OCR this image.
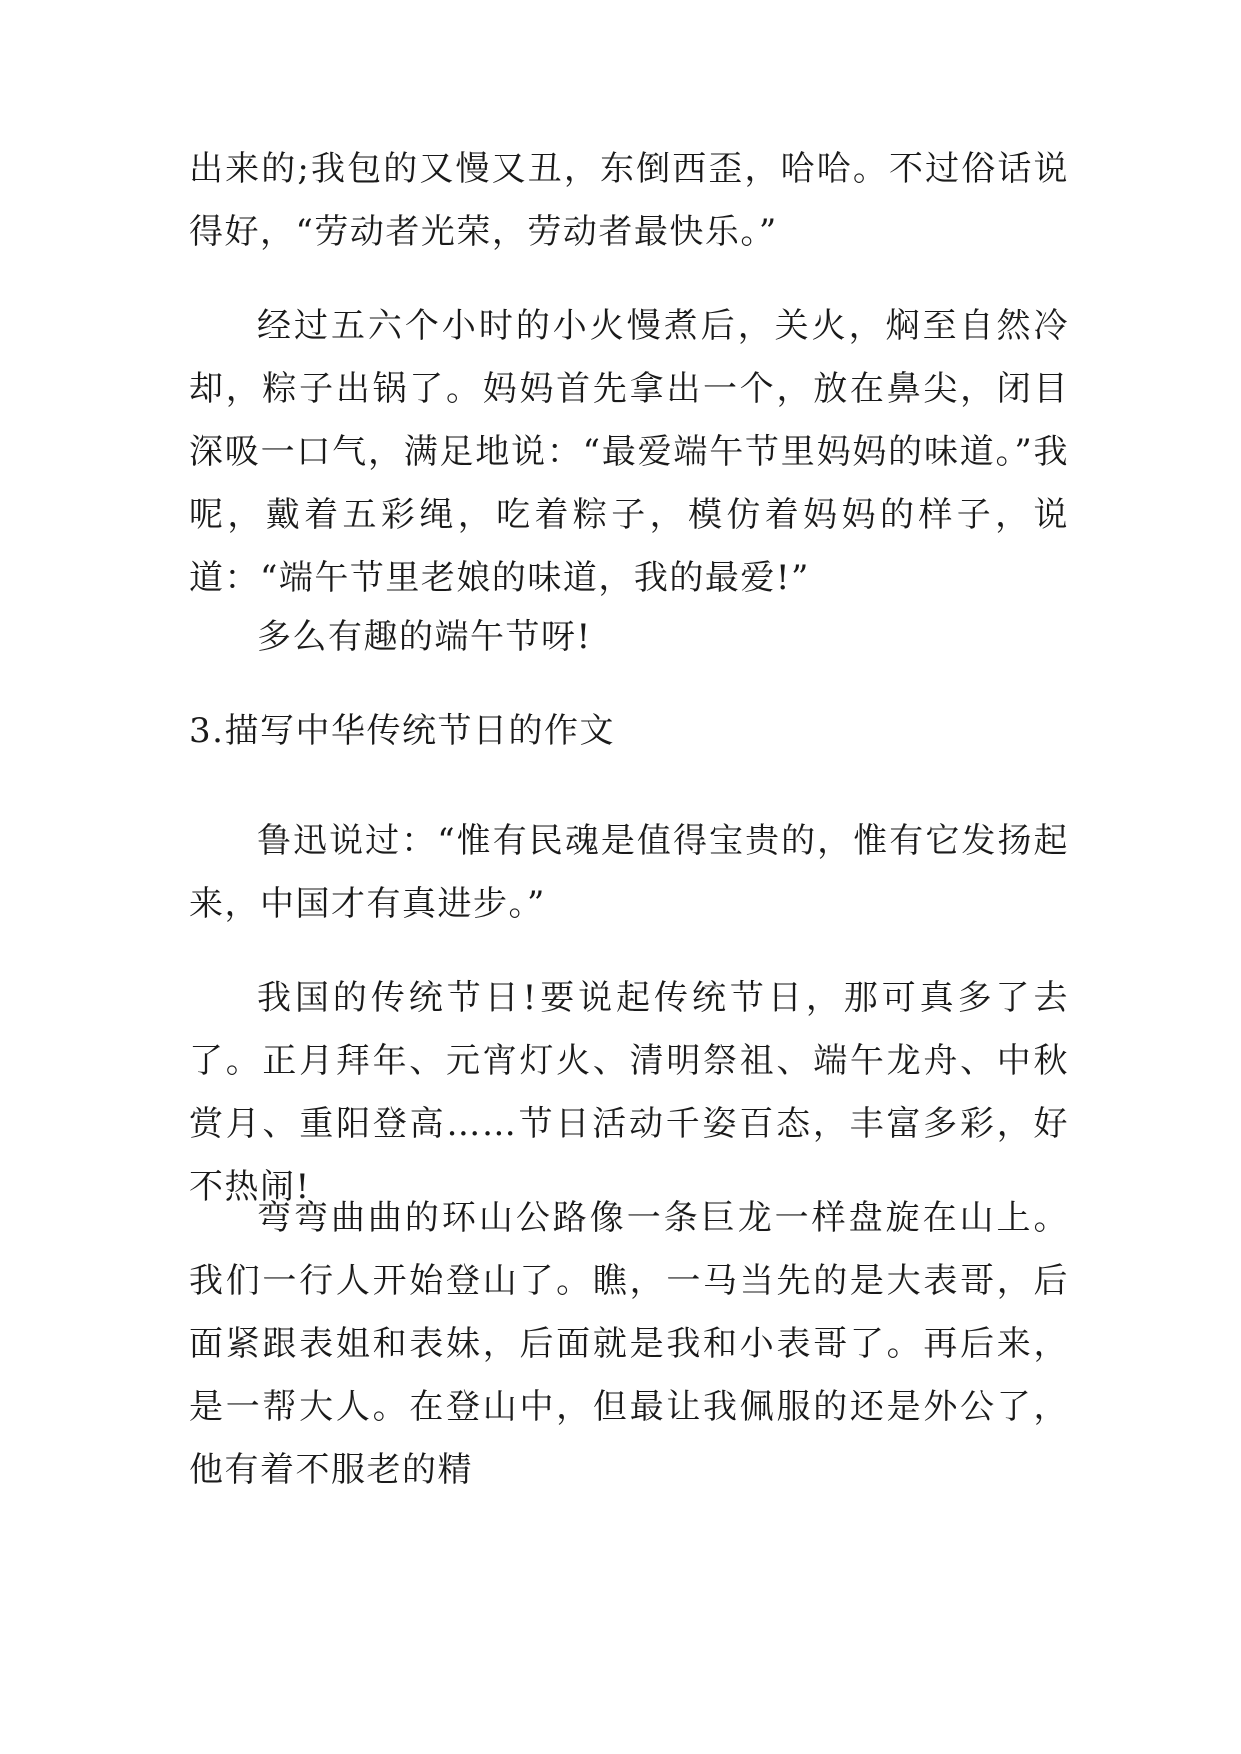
出来的;我包的又慢又丑，东倒西歪，哈哈。不过俗话说得好，“劳动者光荣，劳动者最快乐。”

经过五六个小时的小火慢煮后，关火，焖至自然冷却，粽子出锅了。妈妈首先拿出一个，放在鼻尖，闭目深吸一口气，满足地说：“最爱端午节里妈妈的味道。”我呢，戴着五彩绳，吃着粽子，模仿着妈妈的样子，说道：“端午节里老娘的味道，我的最爱!”

多么有趣的端午节呀!

3.描写中华传统节日的作文

鲁迅说过：“惟有民魂是值得宝贵的，惟有它发扬起来，中国才有真进步。”

我国的传统节日!要说起传统节日，那可真多了去了。正月拜年、元宵灯火、清明祭祖、端午龙舟、中秋赏月、重阳登高……节日活动千姿百态，丰富多彩，好不热闹!

弯弯曲曲的环山公路像一条巨龙一样盘旋在山上。我们一行人开始登山了。瞧，一马当先的是大表哥，后面紧跟表姐和表妹，后面就是我和小表哥了。再后来，是一帮大人。在登山中，但最让我佩服的还是外公了，他有着不服老的精
